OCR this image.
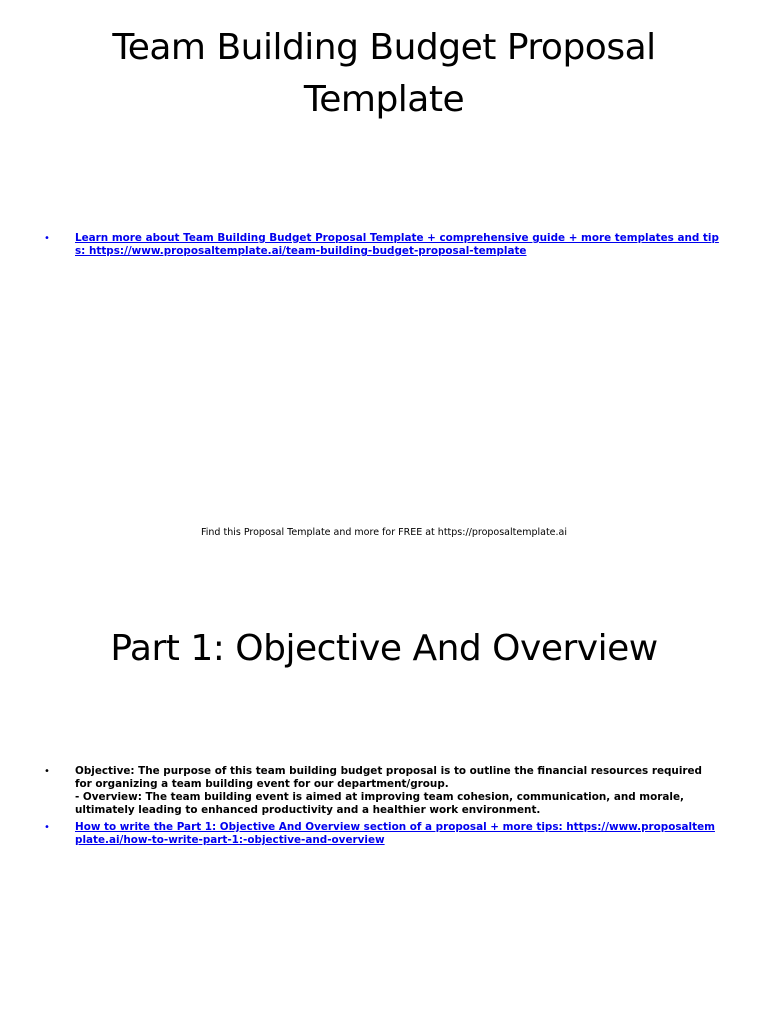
Team Building Budget Proposal Template
• Learn more about Team Building Budget Proposal Template + comprehensive guide + more templates and tips: https://www.proposaltemplate.ai/team-building-budget-proposal-template
Find this Proposal Template and more for FREE at https://proposaltemplate.ai
Part 1: Objective And Overview
• Objective: The purpose of this team building budget proposal is to outline the financial resources required for organizing a team building event for our department/group.
- Overview: The team building event is aimed at improving team cohesion, communication, and morale, ultimately leading to enhanced productivity and a healthier work environment.
• How to write the Part 1: Objective And Overview section of a proposal + more tips: https://www.proposaltemplate.ai/how-to-write-part-1:-objective-and-overview
